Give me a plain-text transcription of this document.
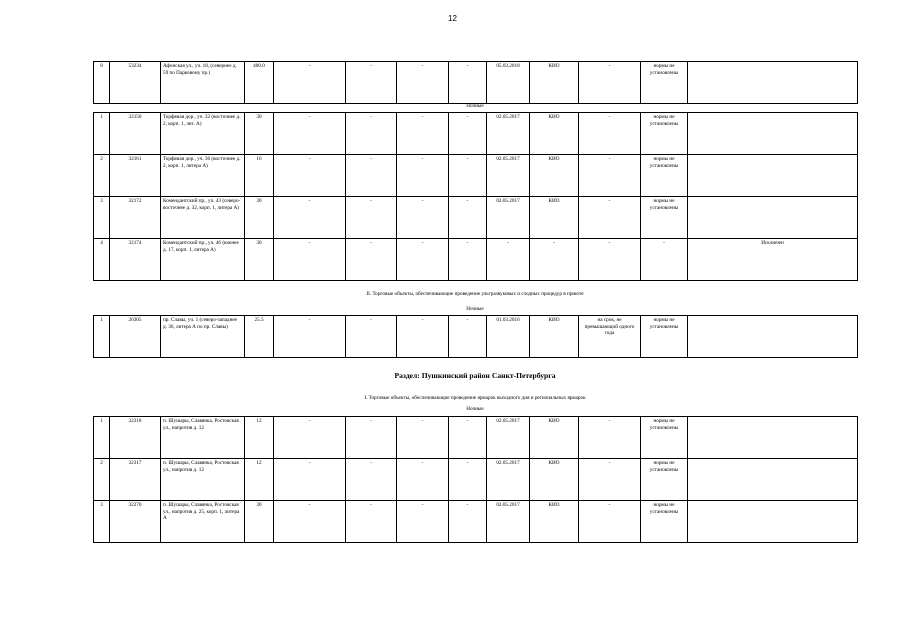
12
8	53234	Афонская ул., уч. 18, (севернее д. 59 по Парковому пр.)	400.0	-	-	-	-	05.03.2018	КИО	-	нормы не установлены	
Ночные
1	32150	Торфяная дор., уч. 32 (восточнее д. 2, корп. 1, лит. А)	30	-	-	-	-	02.05.2017	КИО	-	нормы не установлены	
2	32161	Торфяная дор., уч. 36 (восточнее д. 2, корп. 1, литера А)	16	-	-	-	-	02.05.2017	КИО	-	нормы не установлены	
3	32172	Комендантский пр., уч. 43 (северо-восточнее д. 32, корп. 1, литера А)	30	-	-	-	-	02.05.2017	КИО	-	нормы не установлены	
4	32174	Комендантский пр., уч. 46 (южнее д. 17, корп. 1, литера А)	30	-	-	-	-	-	-	-	-	Исключен
II. Торговые объекты, обеспечивающие проведение ультразвуковых и сходных процедур в приюте
Ночные
1	26305	пр. Славы, уч. 1 (северо-западнее д. 36, литера А по пр. Славы)	25.5	-	-	-	-	01.03.2016	КИО	на срок, не превышающий одного года	нормы не установлены	
Раздел: Пушкинский район Санкт-Петербурга
I. Торговые объекты, обеспечивающие проведение ярмарок выходного дня и региональных ярмарок
Ночные
1	32318	п. Шушары, Славянка, Ростовская ул., напротив д. 12	12	-	-	-	-	02.05.2017	КИО	-	нормы не установлены	
2	32317	п. Шушары, Славянка, Ростовская ул., напротив д. 12	12	-	-	-	-	02.05.2017	КИО	-	нормы не установлены	
3	32270	п. Шушары, Славянка, Ростовская ул., напротив д. 25, корп. 1, литера А	30	-	-	-	-	02.05.2017	КИО	-	нормы не установлены	
